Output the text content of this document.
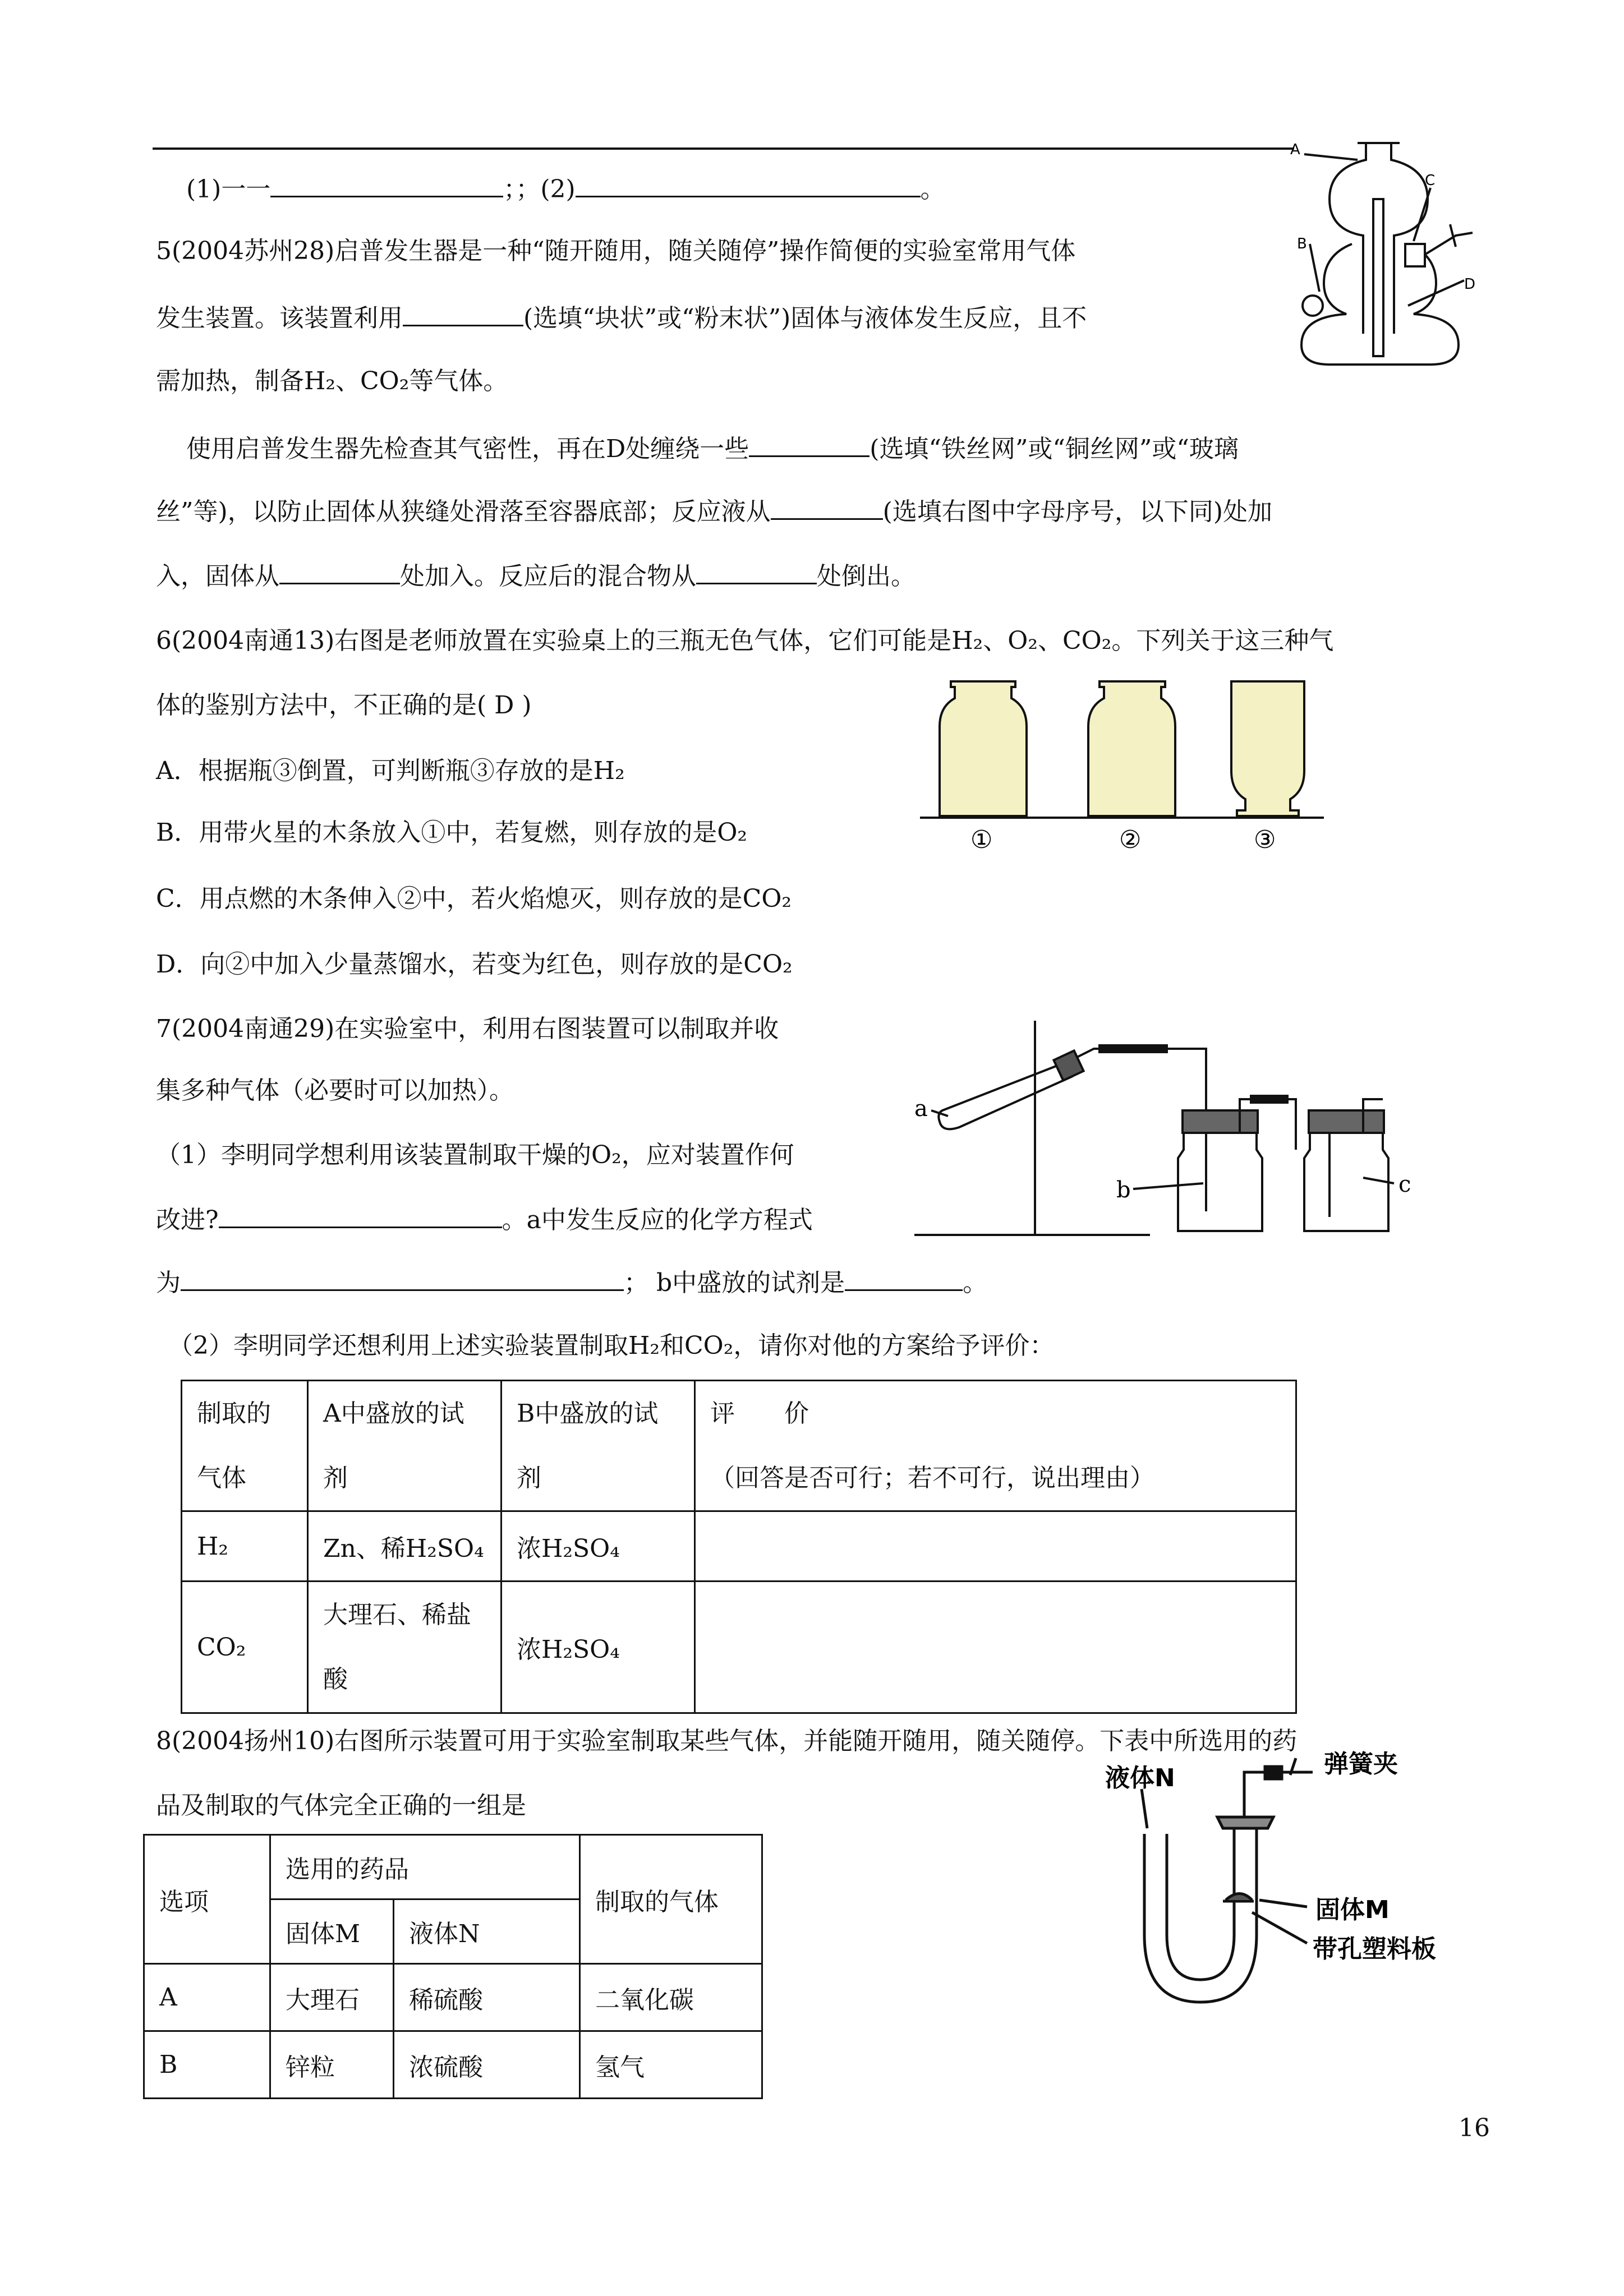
(1)一一	；；(2)	。
5(2004苏州28)启普发生器是一种“随开随用，随关随停”操作简便的实验室常用气体
发生装置。该装置利用	(选填“块状”或“粉末状”)固体与液体发生反应，且不
需加热，制备H₂、CO₂等气体。
使用启普发生器先检查其气密性，再在D处缠绕一些	(选填“铁丝网”或“铜丝网”或“玻璃
丝”等)，以防止固体从狭缝处滑落至容器底部；反应液从	(选填右图中字母序号，以下同)处加
入，固体从	处加入。反应后的混合物从	处倒出。
A
B
C
D
6(2004南通13)右图是老师放置在实验桌上的三瓶无色气体，它们可能是H₂、O₂、CO₂。下列关于这三种气
体的鉴别方法中，不正确的是( D )
A．根据瓶③倒置，可判断瓶③存放的是H₂
B．用带火星的木条放入①中，若复燃，则存放的是O₂
C．用点燃的木条伸入②中，若火焰熄灭，则存放的是CO₂
D．向②中加入少量蒸馏水，若变为红色，则存放的是CO₂
①	②	③
7(2004南通29)在实验室中，利用右图装置可以制取并收
集多种气体（必要时可以加热）。
（1）李明同学想利用该装置制取干燥的O₂，应对装置作何
改进?	。a中发生反应的化学方程式
为	； b中盛放的试剂是	。
（2）李明同学还想利用上述实验装置制取H₂和CO₂，请你对他的方案给予评价：
a
b	c
制取的
气体	A中盛放的试
剂	B中盛放的试
剂	评　　价
（回答是否可行；若不可行，说出理由）
H₂	Zn、稀H₂SO₄	浓H₂SO₄	
CO₂	大理石、稀盐
酸	浓H₂SO₄	
8(2004扬州10)右图所示装置可用于实验室制取某些气体，并能随开随用，随关随停。下表中所选用的药
品及制取的气体完全正确的一组是
液体N	弹簧夹
固体M
带孔塑料板
选项	选用的药品		制取的气体
	固体M	液体N	
A	大理石	稀硫酸	二氧化碳
B	锌粒	浓硫酸	氢气
16
